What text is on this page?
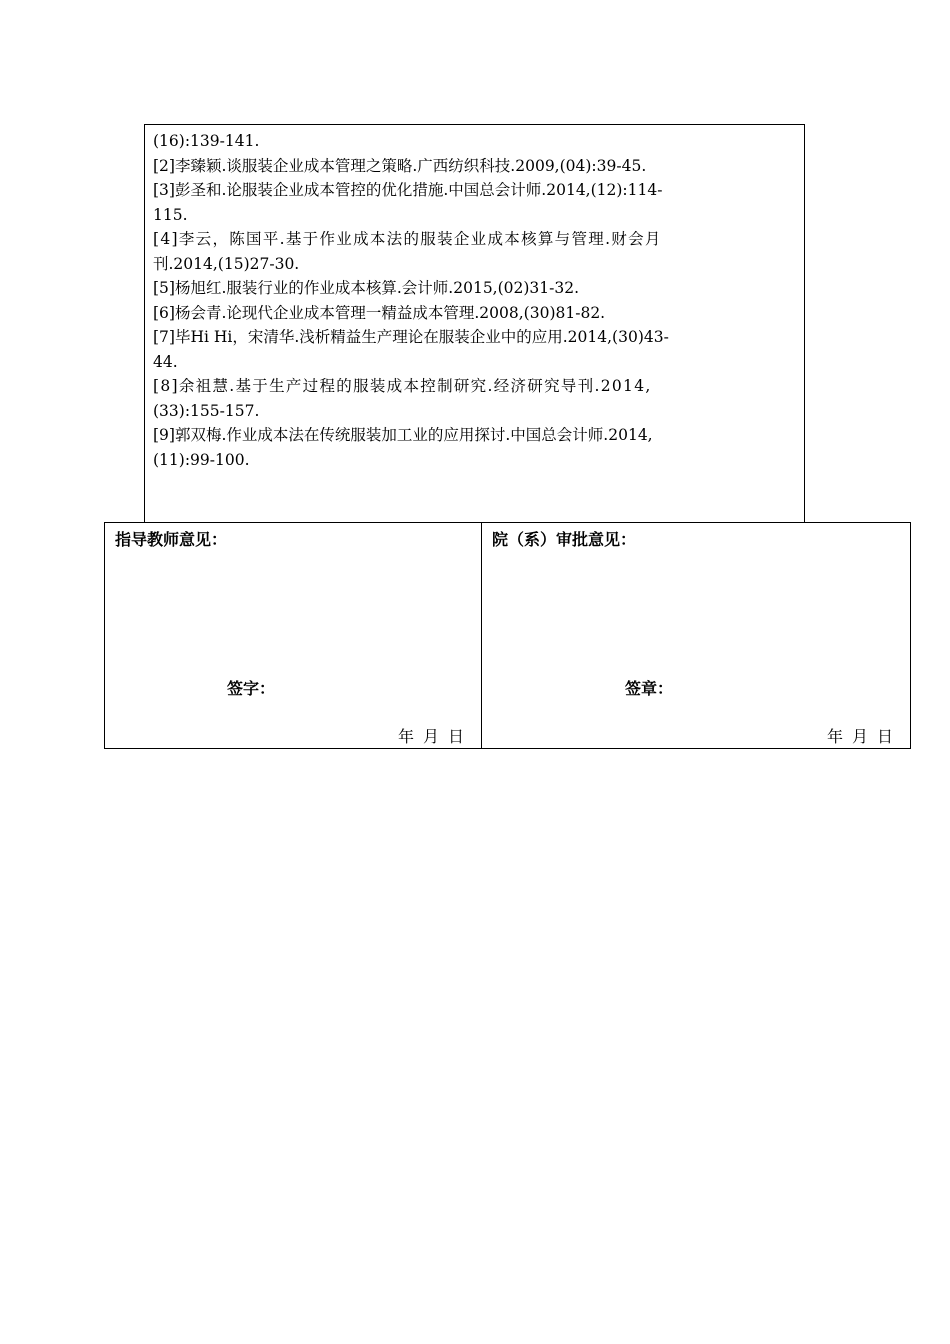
(16):139-141.
[2]李臻颖.谈服装企业成本管理之策略.广西纺织科技.2009,(04):39-45.
[3]彭圣和.论服装企业成本管控的优化措施.中国总会计师.2014,(12):114-
115.
[4]李云，陈国平.基于作业成本法的服装企业成本核算与管理.财会月
刊.2014,(15)27-30.
[5]杨旭红.服装行业的作业成本核算.会计师.2015,(02)31-32.
[6]杨会青.论现代企业成本管理一精益成本管理.2008,(30)81-82.
[7]毕Hi Hi，宋清华.浅析精益生产理论在服装企业中的应用.2014,(30)43-
44.
[8]余祖慧.基于生产过程的服装成本控制研究.经济研究导刊.2014,
(33):155-157.
[9]郭双梅.作业成本法在传统服装加工业的应用探讨.中国总会计师.2014,
(11):99-100.
指导教师意见：
签字：
年月日
院（系）审批意见：
签章：
年月日
